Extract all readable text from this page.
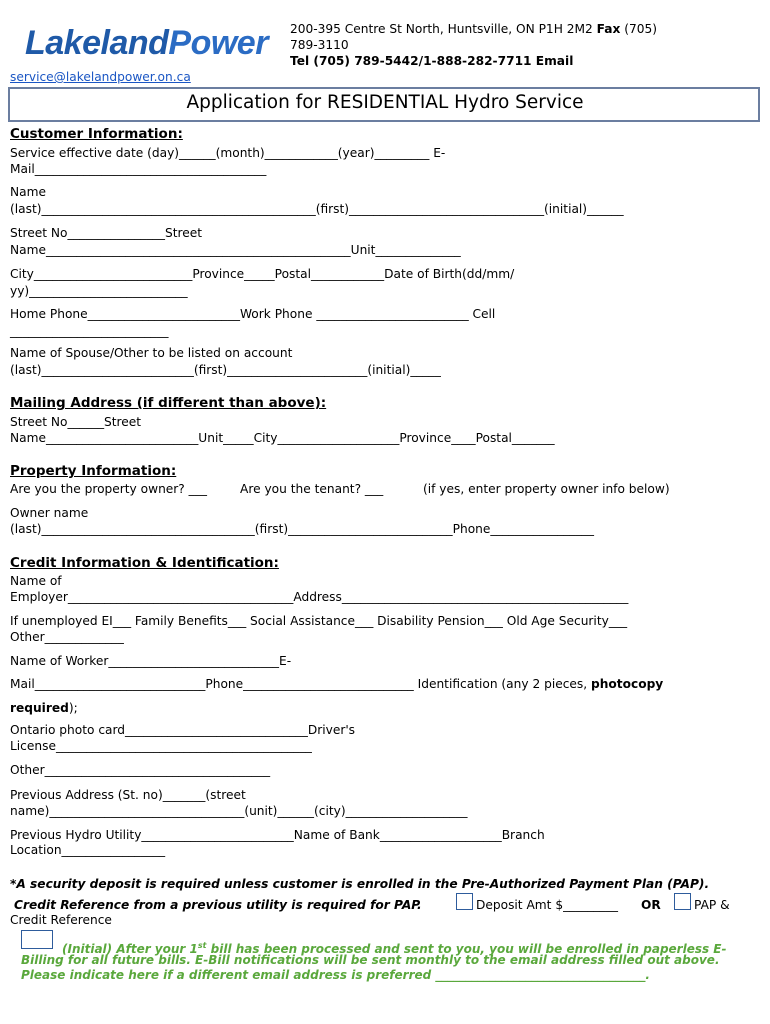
LakelandPower 200-395 Centre St North, Huntsville, ON P1H 2M2 Fax (705)
789-3110
Tel (705) 789-5442/1-888-282-7711 Email
service@lakelandpower.on.ca
Application for RESIDENTIAL Hydro Service
Customer Information:
Service effective date (day)______(month)____________(year)_________ E-
Mail______________________________________
Name
(last)_____________________________________________(first)________________________________(initial)______
Street No________________Street
Name__________________________________________________Unit______________
City__________________________Province_____Postal____________Date of Birth(dd/mm/
yy)__________________________
Home Phone_________________________Work Phone _________________________ Cell
__________________________
Name of Spouse/Other to be listed on account
(last)_________________________(first)_______________________(initial)_____
Mailing Address (if different than above):
Street No______Street
Name_________________________Unit_____City____________________Province____Postal_______
Property Information:
Are you the property owner? ___	Are you the tenant? ___	(if yes, enter property owner info below)
Owner name
(last)___________________________________(first)___________________________Phone_________________
Credit Information & Identification:
Name of
Employer_____________________________________Address_______________________________________________
If unemployed EI___ Family Benefits___ Social Assistance___ Disability Pension___ Old Age Security___
Other_____________
Name of Worker____________________________E-
Mail____________________________Phone____________________________ Identification (any 2 pieces, photocopy
required);
Ontario photo card______________________________Driver's
License__________________________________________
Other_____________________________________
Previous Address (St. no)_______(street
name)________________________________(unit)______(city)____________________
Previous Hydro Utility_________________________Name of Bank____________________Branch
Location_________________
*A security deposit is required unless customer is enrolled in the Pre-Authorized Payment Plan (PAP).
Credit Reference from a previous utility is required for PAP.	Deposit Amt $_________ OR	PAP &
Credit Reference
(Initial) After your 1st bill has been processed and sent to you, you will be enrolled in paperless E-
Billing for all future bills. E-Bill notifications will be sent monthly to the email address filled out above.
Please indicate here if a different email address is preferred ___________________________________.
